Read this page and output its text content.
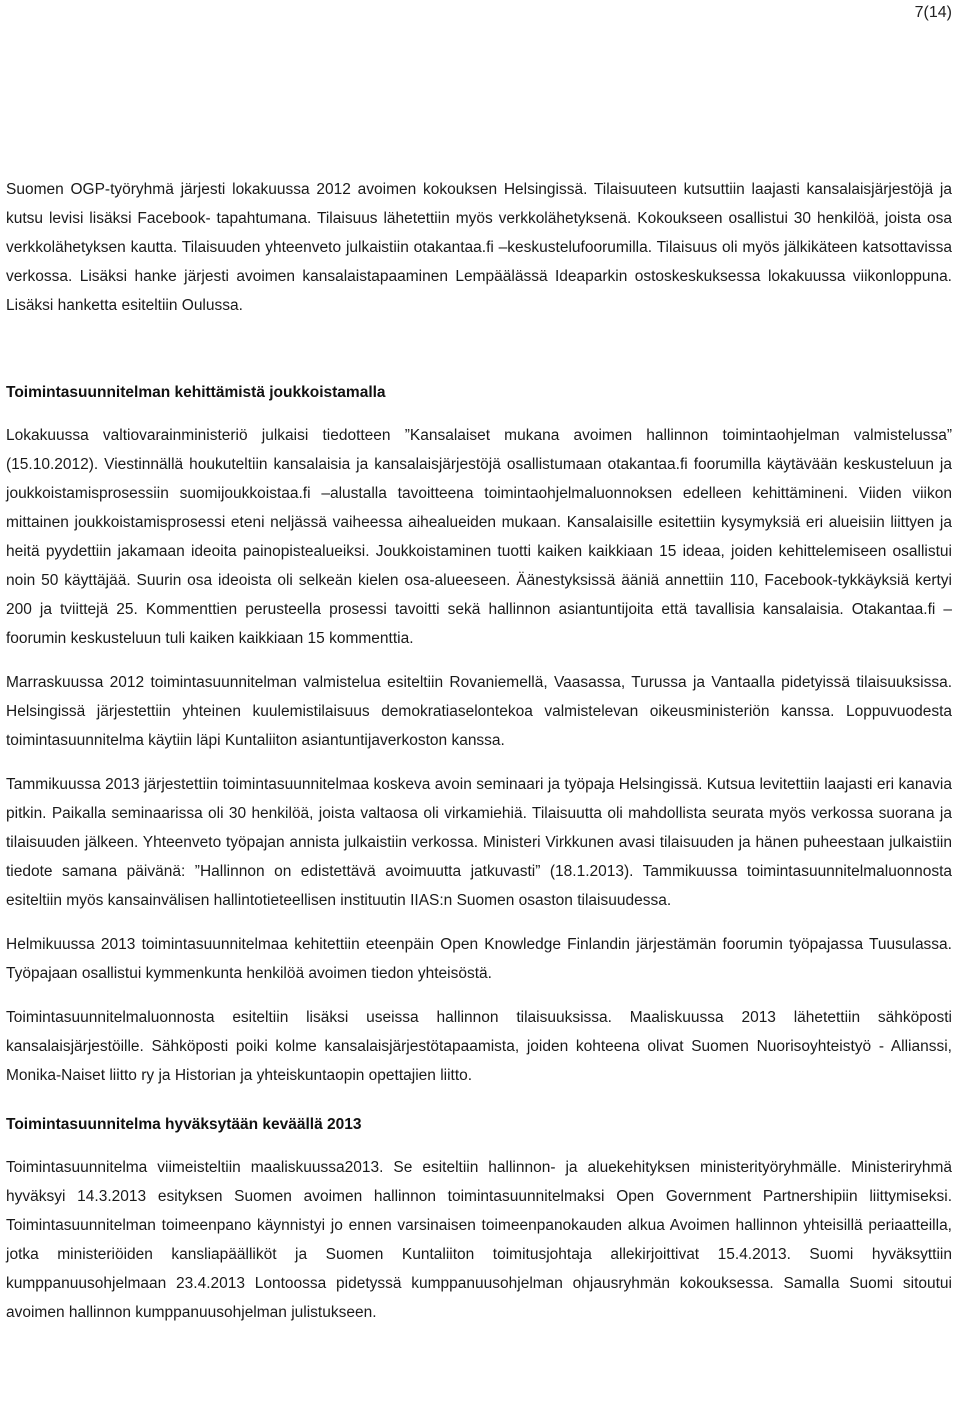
7(14)

Suomen OGP-työryhmä järjesti lokakuussa 2012 avoimen kokouksen Helsingissä. Tilaisuuteen kutsuttiin laajasti kansalaisjärjestöjä ja kutsu levisi lisäksi Facebook- tapahtumana. Tilaisuus lähetettiin myös verkkolähetyksenä. Kokoukseen osallistui 30 henkilöä, joista osa verkkolähetyksen kautta. Tilaisuuden yhteenveto julkaistiin otakantaa.fi –keskustelufoorumilla. Tilaisuus oli myös jälkikäteen katsottavissa verkossa. Lisäksi hanke järjesti avoimen kansalaistapaaminen Lempäälässä Ideaparkin ostoskeskuksessa lokakuussa viikonloppuna. Lisäksi hanketta esiteltiin Oulussa.

Toimintasuunnitelman kehittämistä joukkoistamalla

Lokakuussa valtiovarainministeriö julkaisi tiedotteen ”Kansalaiset mukana avoimen hallinnon toimintaohjelman valmistelussa” (15.10.2012). Viestinnällä houkuteltiin kansalaisia ja kansalaisjärjestöjä osallistumaan otakantaa.fi foorumilla käytävään keskusteluun ja joukkoistamisprosessiin suomijoukkoistaa.fi –alustalla tavoitteena toimintaohjelmaluonnoksen edelleen kehittämineni. Viiden viikon mittainen joukkoistamisprosessi eteni neljässä vaiheessa aihealueiden mukaan. Kansalaisille esitettiin kysymyksiä eri alueisiin liittyen ja heitä pyydettiin jakamaan ideoita painopistealueiksi. Joukkoistaminen tuotti kaiken kaikkiaan 15 ideaa, joiden kehittelemiseen osallistui noin 50 käyttäjää. Suurin osa ideoista oli selkeän kielen osa-alueeseen. Äänestyksissä ääniä annettiin 110, Facebook-tykkäyksiä kertyi 200 ja tviittejä 25. Kommenttien perusteella prosessi tavoitti sekä hallinnon asiantuntijoita että tavallisia kansalaisia. Otakantaa.fi –foorumin keskusteluun tuli kaiken kaikkiaan 15 kommenttia.

Marraskuussa 2012 toimintasuunnitelman valmistelua esiteltiin Rovaniemellä, Vaasassa, Turussa ja Vantaalla pidetyissä tilaisuuksissa. Helsingissä järjestettiin yhteinen kuulemistilaisuus demokratiaselontekoa valmistelevan oikeusministeriön kanssa. Loppuvuodesta toimintasuunnitelma käytiin läpi Kuntaliiton asiantuntijaverkoston kanssa.

Tammikuussa 2013 järjestettiin toimintasuunnitelmaa koskeva avoin seminaari ja työpaja Helsingissä. Kutsua levitettiin laajasti eri kanavia pitkin. Paikalla seminaarissa oli 30 henkilöä, joista valtaosa oli virkamiehiä. Tilaisuutta oli mahdollista seurata myös verkossa suorana ja tilaisuuden jälkeen. Yhteenveto työpajan annista julkaistiin verkossa. Ministeri Virkkunen avasi tilaisuuden ja hänen puheestaan julkaistiin tiedote samana päivänä: ”Hallinnon on edistettävä avoimuutta jatkuvasti” (18.1.2013). Tammikuussa toimintasuunnitelmaluonnosta esiteltiin myös kansainvälisen hallintotieteellisen instituutin IIAS:n Suomen osaston tilaisuudessa.

Helmikuussa 2013 toimintasuunnitelmaa kehitettiin eteenpäin Open Knowledge Finlandin järjestämän foorumin työpajassa Tuusulassa. Työpajaan osallistui kymmenkunta henkilöä avoimen tiedon yhteisöstä.

Toimintasuunnitelmaluonnosta esiteltiin lisäksi useissa hallinnon tilaisuuksissa. Maaliskuussa 2013 lähetettiin sähköposti kansalaisjärjestöille. Sähköposti poiki kolme kansalaisjärjestötapaamista, joiden kohteena olivat Suomen Nuorisoyhteistyö - Allianssi, Monika-Naiset liitto ry ja Historian ja yhteiskuntaopin opettajien liitto.

Toimintasuunnitelma hyväksytään keväällä 2013

Toimintasuunnitelma viimeisteltiin maaliskuussa2013. Se esiteltiin hallinnon- ja aluekehityksen ministerityöryhmälle. Ministeriryhmä hyväksyi 14.3.2013 esityksen Suomen avoimen hallinnon toimintasuunnitelmaksi Open Government Partnershipiin liittymiseksi. Toimintasuunnitelman toimeenpano käynnistyi jo ennen varsinaisen toimeenpanokauden alkua Avoimen hallinnon yhteisillä periaatteilla, jotka ministeriöiden kansliapäälliköt ja Suomen Kuntaliiton toimitusjohtaja allekirjoittivat 15.4.2013. Suomi hyväksyttiin kumppanuusohjelmaan 23.4.2013 Lontoossa pidetyssä kumppanuusohjelman ohjausryhmän kokouksessa. Samalla Suomi sitoutui avoimen hallinnon kumppanuusohjelman julistukseen.
